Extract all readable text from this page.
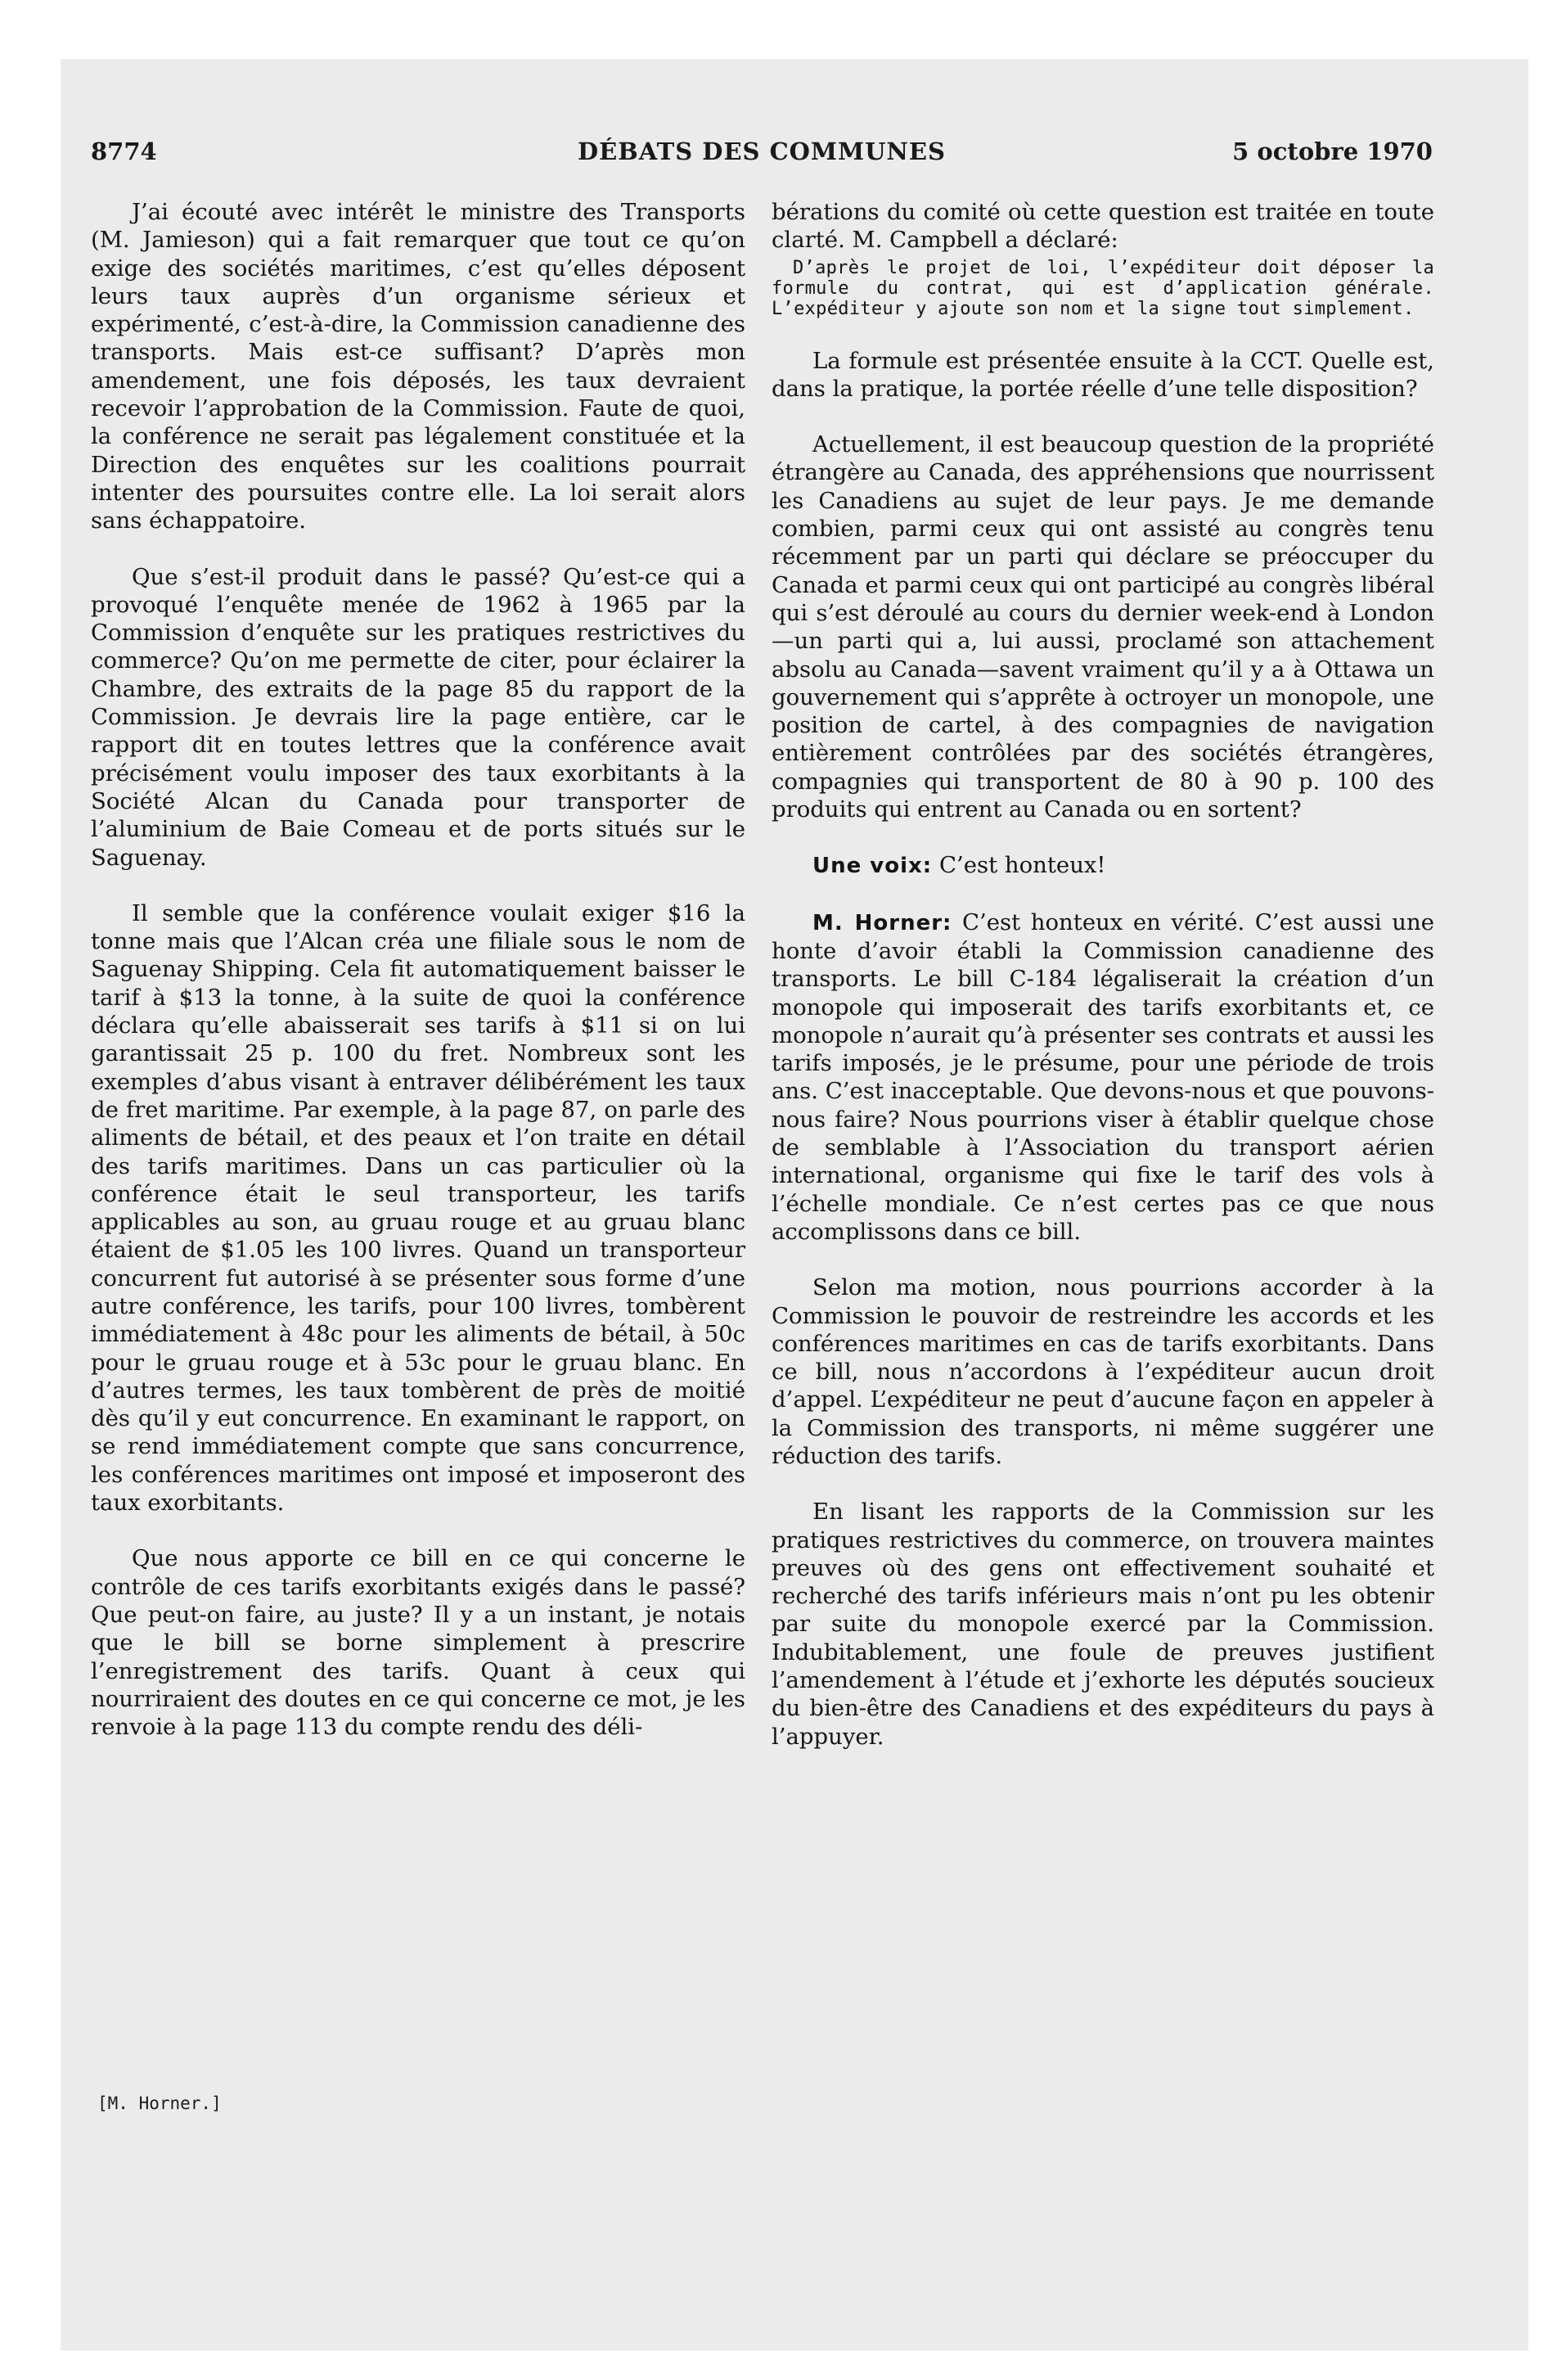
8774	DÉBATS DES COMMUNES	5 octobre 1970

J’ai écouté avec intérêt le ministre des Transports (M. Jamieson) qui a fait remarquer que tout ce qu’on exige des sociétés maritimes, c’est qu’elles déposent leurs taux auprès d’un organisme sérieux et expérimenté, c’est-à-dire, la Commission canadienne des transports. Mais est-ce suffisant? D’après mon amendement, une fois déposés, les taux devraient recevoir l’approbation de la Commission. Faute de quoi, la conférence ne serait pas légalement constituée et la Direction des enquêtes sur les coalitions pourrait intenter des poursuites contre elle. La loi serait alors sans échappatoire.

Que s’est-il produit dans le passé? Qu’est-ce qui a provoqué l’enquête menée de 1962 à 1965 par la Commission d’enquête sur les pratiques restrictives du commerce? Qu’on me permette de citer, pour éclairer la Chambre, des extraits de la page 85 du rapport de la Commission. Je devrais lire la page entière, car le rapport dit en toutes lettres que la conférence avait précisément voulu imposer des taux exorbitants à la Société Alcan du Canada pour transporter de l’aluminium de Baie Comeau et de ports situés sur le Saguenay.

Il semble que la conférence voulait exiger $16 la tonne mais que l’Alcan créa une filiale sous le nom de Saguenay Shipping. Cela fit automatiquement baisser le tarif à $13 la tonne, à la suite de quoi la conférence déclara qu’elle abaisserait ses tarifs à $11 si on lui garantissait 25 p. 100 du fret. Nombreux sont les exemples d’abus visant à entraver délibérément les taux de fret maritime. Par exemple, à la page 87, on parle des aliments de bétail, et des peaux et l’on traite en détail des tarifs maritimes. Dans un cas particulier où la conférence était le seul transporteur, les tarifs applicables au son, au gruau rouge et au gruau blanc étaient de $1.05 les 100 livres. Quand un transporteur concurrent fut autorisé à se présenter sous forme d’une autre conférence, les tarifs, pour 100 livres, tombèrent immédiatement à 48c pour les aliments de bétail, à 50c pour le gruau rouge et à 53c pour le gruau blanc. En d’autres termes, les taux tombèrent de près de moitié dès qu’il y eut concurrence. En examinant le rapport, on se rend immédiatement compte que sans concurrence, les conférences maritimes ont imposé et imposeront des taux exorbitants.

Que nous apporte ce bill en ce qui concerne le contrôle de ces tarifs exorbitants exigés dans le passé? Que peut-on faire, au juste? Il y a un instant, je notais que le bill se borne simplement à prescrire l’enregistrement des tarifs. Quant à ceux qui nourriraient des doutes en ce qui concerne ce mot, je les renvoie à la page 113 du compte rendu des déli-

[M. Horner.]

bérations du comité où cette question est traitée en toute clarté. M. Campbell a déclaré:

D’après le projet de loi, l’expéditeur doit déposer la formule du contrat, qui est d’application générale. L’expéditeur y ajoute son nom et la signe tout simplement.

La formule est présentée ensuite à la CCT. Quelle est, dans la pratique, la portée réelle d’une telle disposition?

Actuellement, il est beaucoup question de la propriété étrangère au Canada, des appréhensions que nourrissent les Canadiens au sujet de leur pays. Je me demande combien, parmi ceux qui ont assisté au congrès tenu récemment par un parti qui déclare se préoccuper du Canada et parmi ceux qui ont participé au congrès libéral qui s’est déroulé au cours du dernier week-end à London—un parti qui a, lui aussi, proclamé son attachement absolu au Canada—savent vraiment qu’il y a à Ottawa un gouvernement qui s’apprête à octroyer un monopole, une position de cartel, à des compagnies de navigation entièrement contrôlées par des sociétés étrangères, compagnies qui transportent de 80 à 90 p. 100 des produits qui entrent au Canada ou en sortent?

Une voix: C’est honteux!

M. Horner: C’est honteux en vérité. C’est aussi une honte d’avoir établi la Commission canadienne des transports. Le bill C-184 légaliserait la création d’un monopole qui imposerait des tarifs exorbitants et, ce monopole n’aurait qu’à présenter ses contrats et aussi les tarifs imposés, je le présume, pour une période de trois ans. C’est inacceptable. Que devons-nous et que pouvons-nous faire? Nous pourrions viser à établir quelque chose de semblable à l’Association du transport aérien international, organisme qui fixe le tarif des vols à l’échelle mondiale. Ce n’est certes pas ce que nous accomplissons dans ce bill.

Selon ma motion, nous pourrions accorder à la Commission le pouvoir de restreindre les accords et les conférences maritimes en cas de tarifs exorbitants. Dans ce bill, nous n’accordons à l’expéditeur aucun droit d’appel. L’expéditeur ne peut d’aucune façon en appeler à la Commission des transports, ni même suggérer une réduction des tarifs.

En lisant les rapports de la Commission sur les pratiques restrictives du commerce, on trouvera maintes preuves où des gens ont effectivement souhaité et recherché des tarifs inférieurs mais n’ont pu les obtenir par suite du monopole exercé par la Commission. Indubitablement, une foule de preuves justifient l’amendement à l’étude et j’exhorte les députés soucieux du bien-être des Canadiens et des expéditeurs du pays à l’appuyer.
